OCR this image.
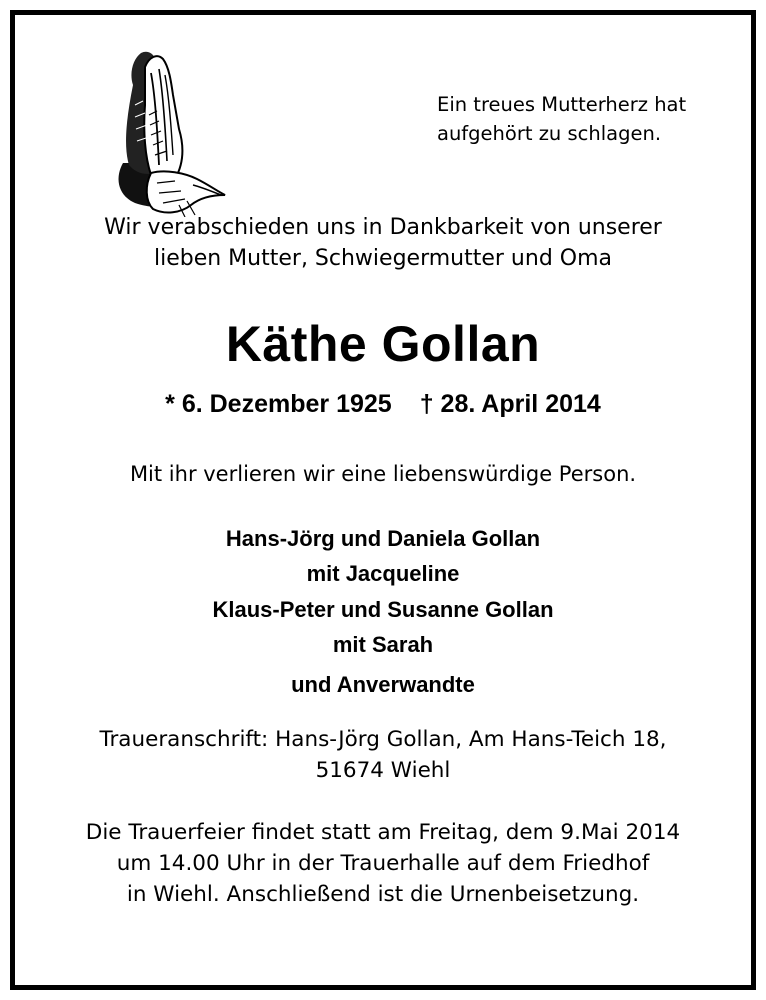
Ein treues Mutterherz hat
aufgehört zu schlagen.
Wir verabschieden uns in Dankbarkeit von unserer
lieben Mutter, Schwiegermutter und Oma
Käthe Gollan
* 6. Dezember 1925 † 28. April 2014
Mit ihr verlieren wir eine liebenswürdige Person.
Hans-Jörg und Daniela Gollan
mit Jacqueline
Klaus-Peter und Susanne Gollan
mit Sarah
und Anverwandte
Traueranschrift: Hans-Jörg Gollan, Am Hans-Teich 18,
51674 Wiehl
Die Trauerfeier findet statt am Freitag, dem 9.Mai 2014
um 14.00 Uhr in der Trauerhalle auf dem Friedhof
in Wiehl. Anschließend ist die Urnenbeisetzung.
